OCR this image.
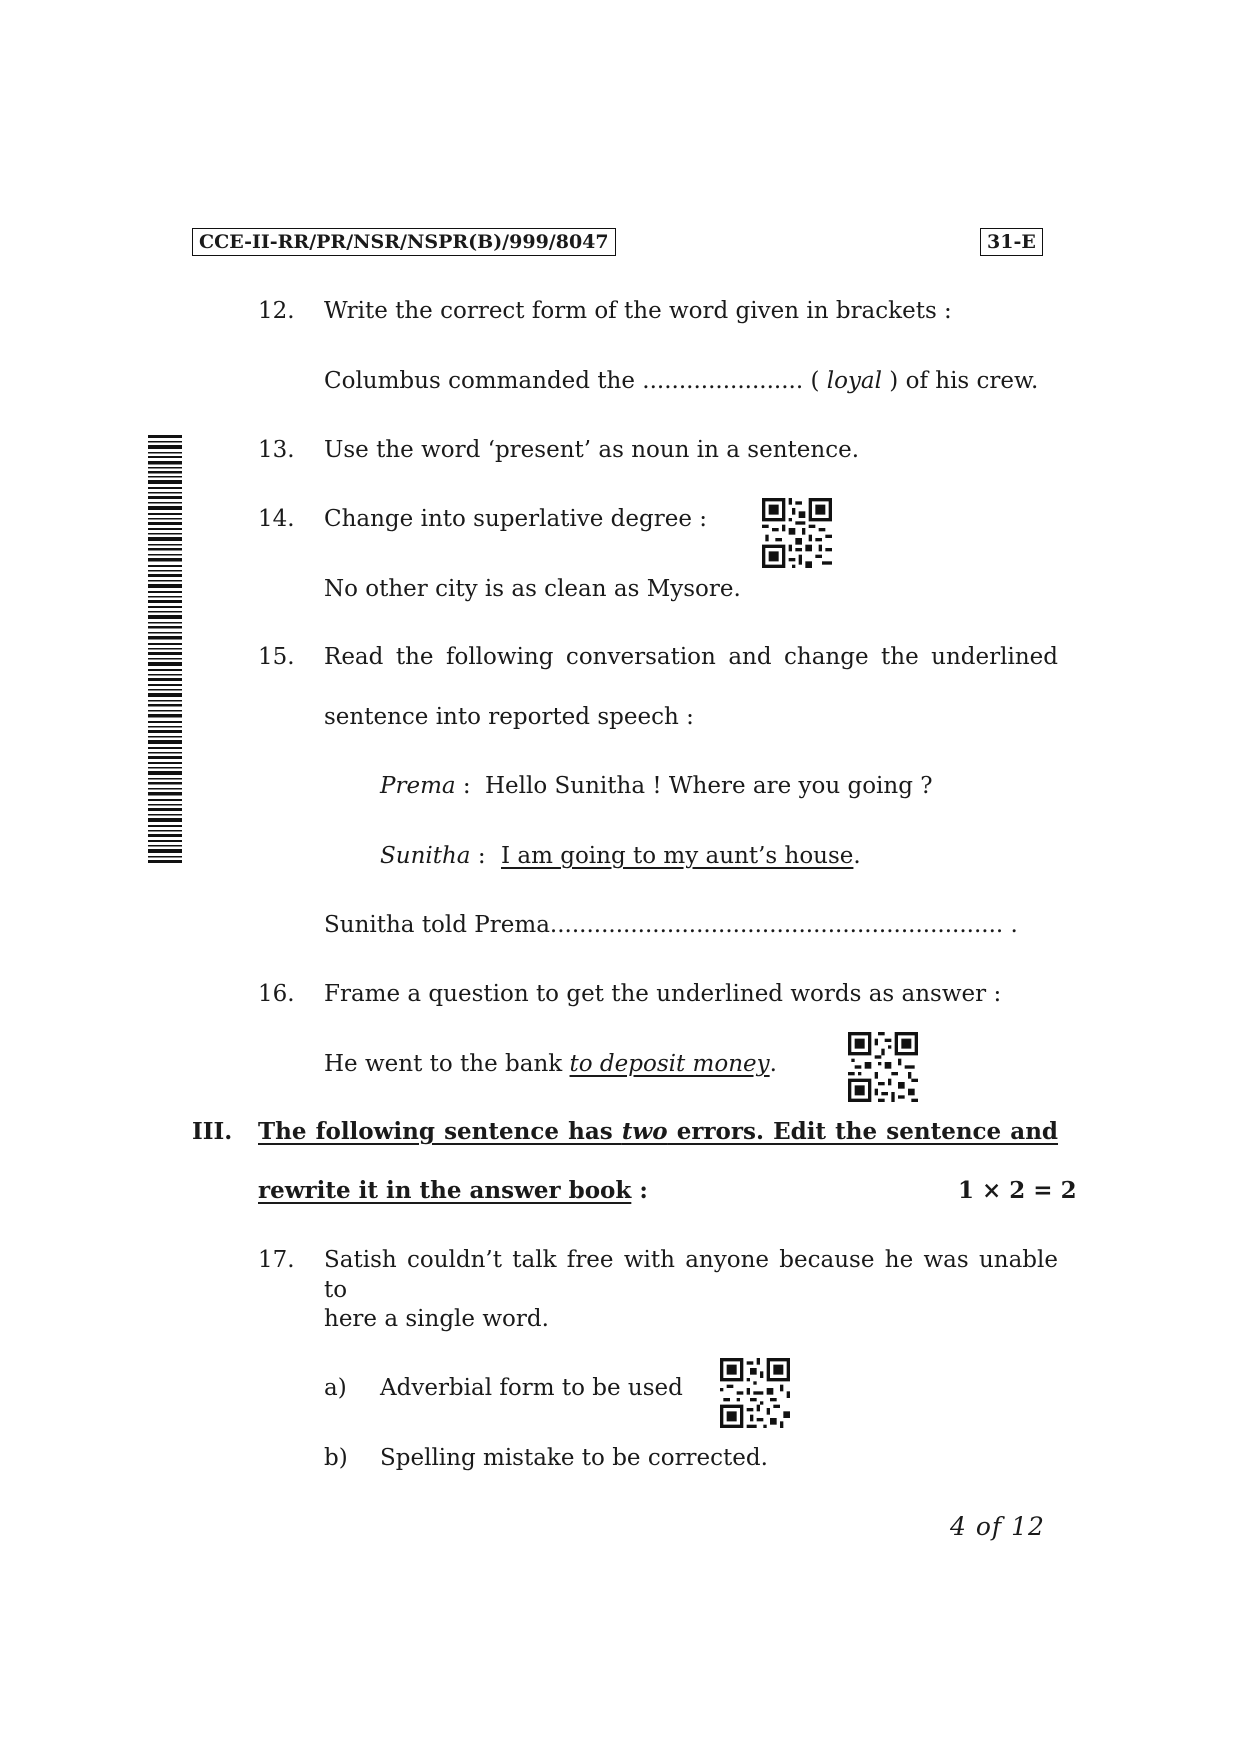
CCE-II-RR/PR/NSR/NSPR(B)/999/8047	31-E
12.	Write the correct form of the word given in brackets :
Columbus commanded the ...................... ( loyal ) of his crew.
13.	Use the word ‘present’ as noun in a sentence.
14.	Change into superlative degree :
No other city is as clean as Mysore.
15.	Read the following conversation and change the underlined
sentence into reported speech :
Prema : Hello Sunitha ! Where are you going ?
Sunitha : I am going to my aunt’s house.
Sunitha told Prema.............................................................. .
16.	Frame a question to get the underlined words as answer :
He went to the bank to deposit money.
III. The following sentence has two errors. Edit the sentence and
rewrite it in the answer book :	1 × 2 = 2
17.	Satish couldn’t talk free with anyone because he was unable to
here a single word.
a) Adverbial form to be used
b) Spelling mistake to be corrected.
4 of 12
